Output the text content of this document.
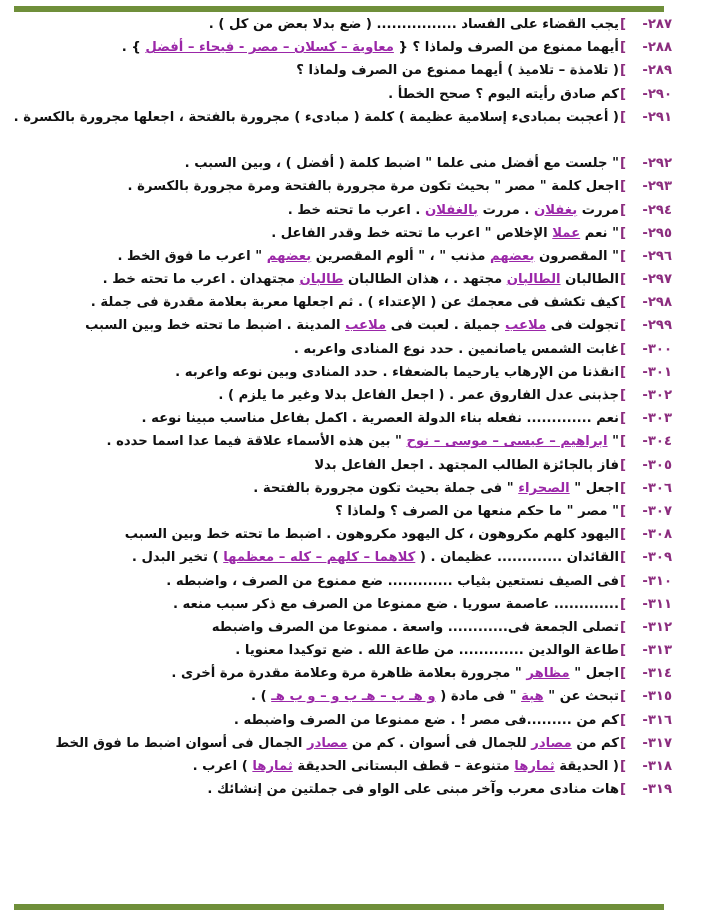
٢٨٧-
]
يجب القضاء على الفساد ................ ( ضع بدلا بعض من كل ) .
٢٨٨-
]
أيهما ممنوع من الصرف ولماذا ؟ { معاوية – كسلان – مصر - فيحاء – أفضل } .
٢٨٩-
]
( تلامذة – تلاميذ ) أيهما ممنوع من الصرف ولماذا ؟
٢٩٠-
]
كم صادق رأيته اليوم ؟ صحح الخطأ .
٢٩١-
]
( أعجبت بمبادىء إسلامية عظيمة ) كلمة ( مبادىء ) مجرورة بالفتحة ، اجعلها مجرورة بالكسرة .
٢٩٢-
]
" جلست مع أفضل منى علما " اضبط كلمة ( أفضل ) ، وبين السبب .
٢٩٣-
]
اجعل كلمة " مصر " بحيث تكون مرة مجرورة بالفتحة ومرة مجرورة بالكسرة .
٢٩٤-
]
مررت بغفلان . مررت بالغفلان . اعرب ما تحته خط .
٢٩٥-
]
" نعم عملا الإخلاص " اعرب ما تحته خط وقدر الفاعل .
٢٩٦-
]
" المقصرون بعضهم مذنب " ، " ألوم المقصرين بعضهم " اعرب ما فوق الخط .
٢٩٧-
]
الطالبان الطالبان مجتهد . ، هذان الطالبان طالبان مجتهدان . اعرب ما تحته خط .
٢٩٨-
]
كيف تكشف فى معجمك عن ( الإعتداء ) . ثم اجعلها معربة بعلامة مقدرة فى جملة .
٢٩٩-
]
تجولت فى ملاعب جميلة . لعبت فى ملاعب المدينة . اضبط ما تحته خط وبين السبب
٣٠٠-
]
غابت الشمس ياصانمين . حدد نوع المنادى واعربه .
٣٠١-
]
انقذنا من الإرهاب يارحيما بالضعفاء . حدد المنادى وبين نوعه واعربه .
٣٠٢-
]
جذبنى عدل الفاروق عمر . ( اجعل الفاعل بدلا وغير ما يلزم ) .
٣٠٣-
]
نعم ............. نفعله بناء الدولة العصرية . اكمل بفاعل مناسب مبينا نوعه .
٣٠٤-
]
" ابراهيم – عيسى – موسى – نوح " بين هذه الأسماء علاقة فيما عدا اسما حدده .
٣٠٥-
]
فاز بالجائزة الطالب المجتهد . اجعل الفاعل بدلا
٣٠٦-
]
اجعل " الصحراء " فى جملة بحيث تكون مجرورة بالفتحة .
٣٠٧-
]
" مصر " ما حكم منعها من الصرف ؟ ولماذا ؟
٣٠٨-
]
اليهود كلهم مكروهون ، كل اليهود مكروهون . اضبط ما تحته خط وبين السبب
٣٠٩-
]
القائدان ............. عظيمان . ( كلاهما – كلهم – كله – معظمها ) تخير البدل .
٣١٠-
]
فى الصيف نستعين بثياب ............. ضع ممنوع من الصرف ، واضبطه .
٣١١-
]
............. عاصمة سوريا . ضع ممنوعا من الصرف مع ذكر سبب منعه .
٣١٢-
]
تصلى الجمعة فى............ واسعة . ممنوعا من الصرف واضبطه
٣١٣-
]
طاعة الوالدين ............. من طاعة الله . ضع توكيدا معنويا .
٣١٤-
]
اجعل " مظاهر " مجرورة بعلامة ظاهرة مرة وعلامة مقدرة مرة أخرى .
٣١٥-
]
تبحث عن " هبة " فى مادة ( و هـ ب – هـ ب و – و ب هـ ) .
٣١٦-
]
كم من .........فى مصر ! . ضع ممنوعا من الصرف واضبطه .
٣١٧-
]
كم من مصادر للجمال فى أسوان . كم من مصادر الجمال فى أسوان اضبط ما فوق الخط
٣١٨-
]
( الحديقة ثمارها متنوعة – قطف البستانى الحديقة ثمارها ) اعرب .
٣١٩-
]
هات منادى معرب وآخر مبنى على الواو فى جملتين من إنشائك .
